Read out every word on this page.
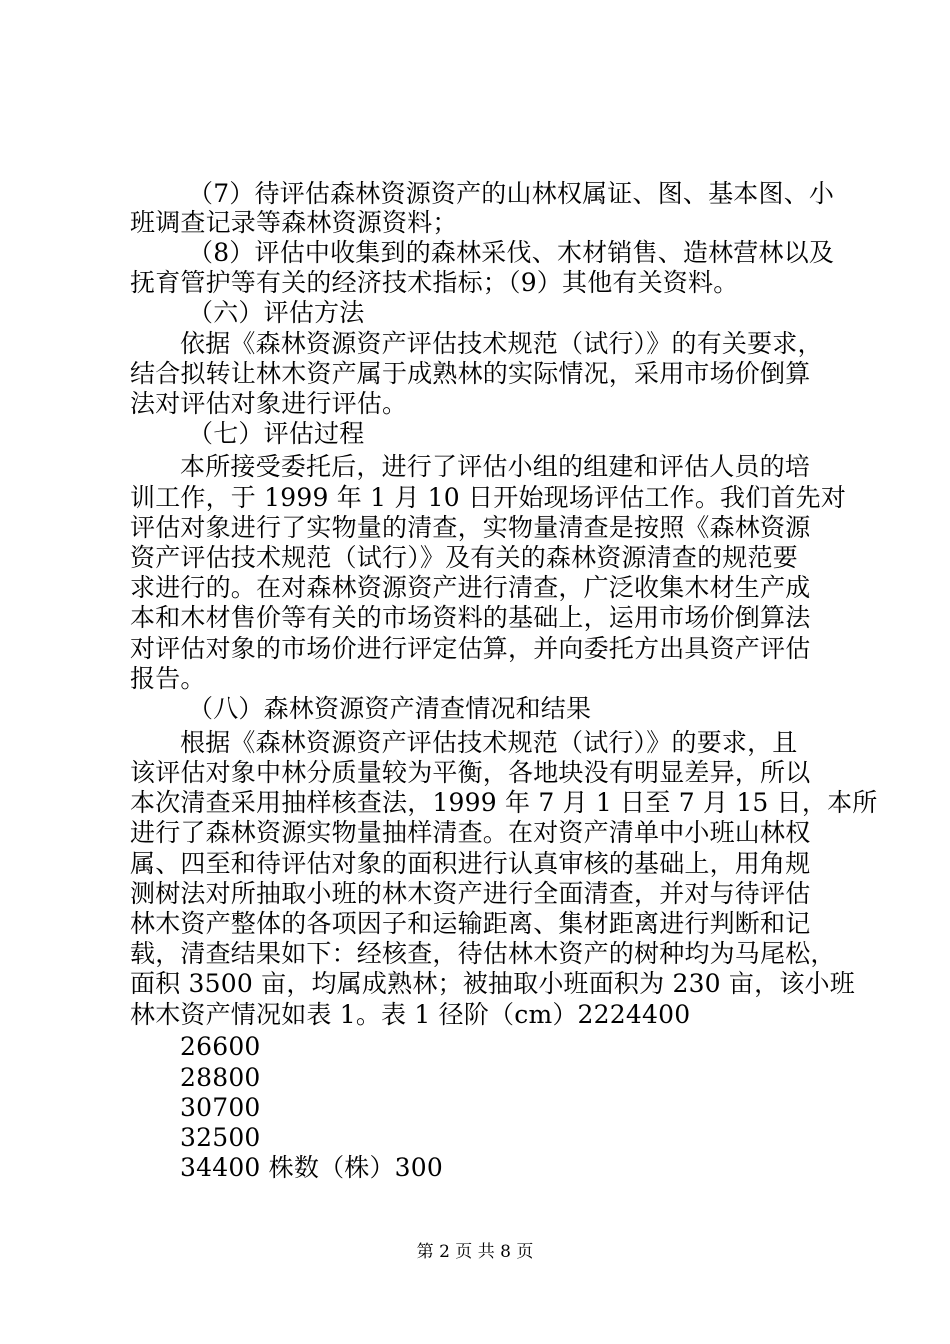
（7）待评估森林资源资产的山林权属证、图、基本图、小
班调查记录等森林资源资料；
（8）评估中收集到的森林采伐、木材销售、造林营林以及
抚育管护等有关的经济技术指标；（9）其他有关资料。
（六）评估方法
依据《森林资源资产评估技术规范（试行）》的有关要求，
结合拟转让林木资产属于成熟林的实际情况，采用市场价倒算
法对评估对象进行评估。
（七）评估过程
本所接受委托后，进行了评估小组的组建和评估人员的培
训工作，于 1999 年 1 月 10 日开始现场评估工作。我们首先对
评估对象进行了实物量的清查，实物量清查是按照《森林资源
资产评估技术规范（试行）》及有关的森林资源清查的规范要
求进行的。在对森林资源资产进行清查，广泛收集木材生产成
本和木材售价等有关的市场资料的基础上，运用市场价倒算法
对评估对象的市场价进行评定估算，并向委托方出具资产评估
报告。
（八）森林资源资产清查情况和结果
根据《森林资源资产评估技术规范（试行）》的要求，且
该评估对象中林分质量较为平衡，各地块没有明显差异，所以
本次清查采用抽样核查法，1999 年 7 月 1 日至 7 月 15 日，本所
进行了森林资源实物量抽样清查。在对资产清单中小班山林权
属、四至和待评估对象的面积进行认真审核的基础上，用角规
测树法对所抽取小班的林木资产进行全面清查，并对与待评估
林木资产整体的各项因子和运输距离、集材距离进行判断和记
载，清查结果如下：经核查，待估林木资产的树种均为马尾松，
面积 3500 亩，均属成熟林；被抽取小班面积为 230 亩，该小班
林木资产情况如表 1。表 1 径阶（cm）2224400
26600
28800
30700
32500
34400 株数（株）300
第 2 页 共 8 页
